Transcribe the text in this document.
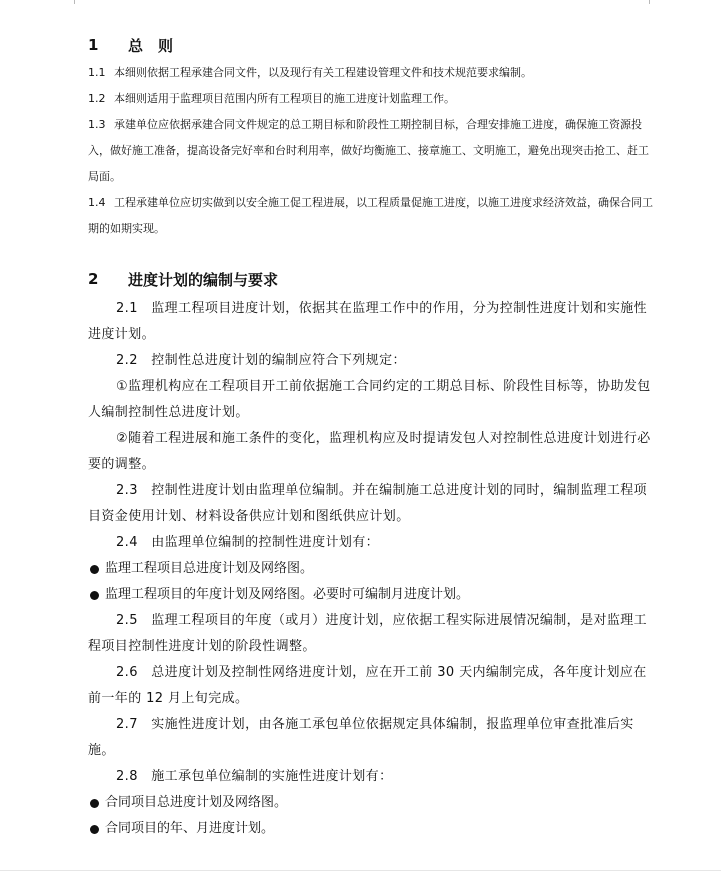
1	总　则

1.1 本细则依据工程承建合同文件，以及现行有关工程建设管理文件和技术规范要求编制。

1.2 本细则适用于监理项目范围内所有工程项目的施工进度计划监理工作。

1.3 承建单位应依据承建合同文件规定的总工期目标和阶段性工期控制目标，合理安排施工进度，确保施工资源投入，做好施工准备，提高设备完好率和台时利用率，做好均衡施工、接章施工、文明施工，避免出现突击抢工、赶工局面。

1.4 工程承建单位应切实做到以安全施工促工程进展，以工程质量促施工进度，以施工进度求经济效益，确保合同工期的如期实现。

2	进度计划的编制与要求

2.1　监理工程项目进度计划，依据其在监理工作中的作用，分为控制性进度计划和实施性进度计划。

2.2　控制性总进度计划的编制应符合下列规定：

①监理机构应在工程项目开工前依据施工合同约定的工期总目标、阶段性目标等，协助发包人编制控制性总进度计划。

②随着工程进展和施工条件的变化，监理机构应及时提请发包人对控制性总进度计划进行必要的调整。

2.3　控制性进度计划由监理单位编制。并在编制施工总进度计划的同时，编制监理工程项目资金使用计划、材料设备供应计划和图纸供应计划。

2.4　由监理单位编制的控制性进度计划有：

监理工程项目总进度计划及网络图。

监理工程项目的年度计划及网络图。必要时可编制月进度计划。

2.5　监理工程项目的年度（或月）进度计划，应依据工程实际进展情况编制，是对监理工程项目控制性进度计划的阶段性调整。

2.6　总进度计划及控制性网络进度计划，应在开工前 30 天内编制完成，各年度计划应在前一年的 12 月上旬完成。

2.7　实施性进度计划，由各施工承包单位依据规定具体编制，报监理单位审查批准后实施。

2.8　施工承包单位编制的实施性进度计划有：

合同项目总进度计划及网络图。

合同项目的年、月进度计划。
